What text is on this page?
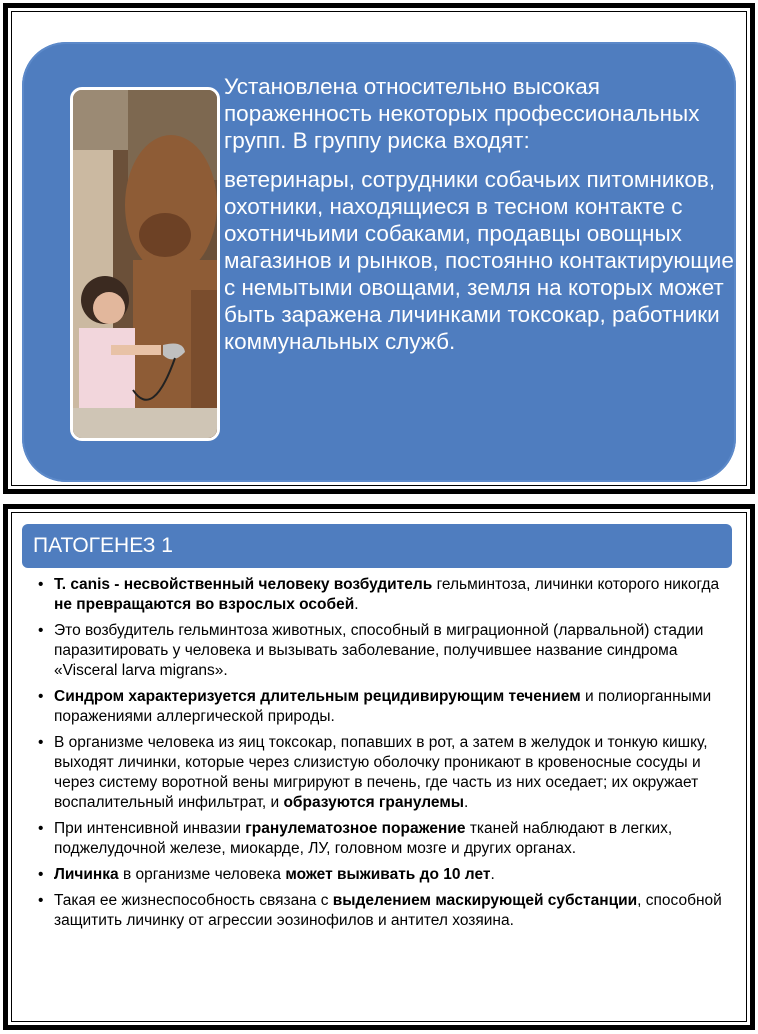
Установлена относительно высокая пораженность некоторых профессиональных групп. В группу риска входят:

ветеринары, сотрудники собачьих питомников, охотники, находящиеся в тесном контакте с охотничьими собаками, продавцы овощных магазинов и рынков, постоянно контактирующие с немытыми овощами, земля на которых может быть заражена личинками токсокар, работники коммунальных служб.

ПАТОГЕНЕЗ 1
• T. canis - несвойственный человеку возбудитель гельминтоза, личинки которого никогда не превращаются во взрослых особей.
• Это возбудитель гельминтоза животных, способный в миграционной (ларвальной) стадии паразитировать у человека и вызывать заболевание, получившее название синдрома «Visceral larva migrans».
• Синдром характеризуется длительным рецидивирующим течением и полиорганными поражениями аллергической природы.
• В организме человека из яиц токсокар, попавших в рот, а затем в желудок и тонкую кишку, выходят личинки, которые через слизистую оболочку проникают в кровеносные сосуды и через систему воротной вены мигрируют в печень, где часть из них оседает; их окружает воспалительный инфильтрат, и образуются гранулемы.
• При интенсивной инвазии гранулематозное поражение тканей наблюдают в легких, поджелудочной железе, миокарде, ЛУ, головном мозге и других органах.
• Личинка в организме человека может выживать до 10 лет.
• Такая ее жизнеспособность связана с выделением маскирующей субстанции, способной защитить личинку от агрессии эозинофилов и антител хозяина.
